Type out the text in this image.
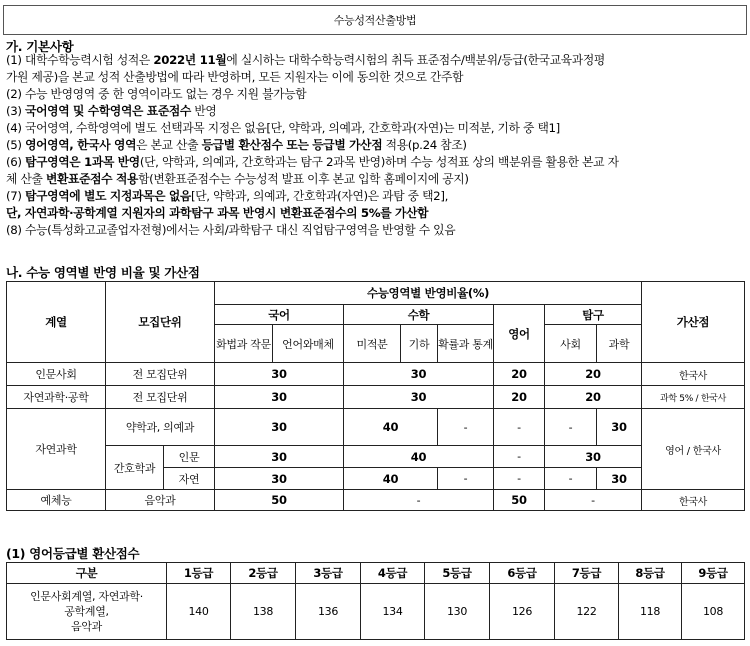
수능성적산출방법
가. 기본사항

(1) 대학수학능력시험 성적은 2022년 11월에 실시하는 대학수학능력시험의 취득 표준점수/백분위/등급(한국교육과정평

가원 제공)을 본교 성적 산출방법에 따라 반영하며, 모든 지원자는 이에 동의한 것으로 간주함

(2) 수능 반영영역 중 한 영역이라도 없는 경우 지원 불가능함

(3) 국어영역 및 수학영역은 표준점수 반영

(4) 국어영역, 수학영역에 별도 선택과목 지정은 없음[단, 약학과, 의예과, 간호학과(자연)는 미적분, 기하 중 택1]

(5) 영어영역, 한국사 영역은 본교 산출 등급별 환산점수 또는 등급별 가산점 적용(p.24 참조)

(6) 탐구영역은 1과목 반영(단, 약학과, 의예과, 간호학과는 탐구 2과목 반영)하며 수능 성적표 상의 백분위를 활용한 본교 자

체 산출 변환표준점수 적용함(변환표준점수는 수능성적 발표 이후 본교 입학 홈페이지에 공지)

(7) 탐구영역에 별도 지정과목은 없음[단, 약학과, 의예과, 간호학과(자연)은 과탐 중 택2],

단, 자연과학·공학계열 지원자의 과학탐구 과목 반영시 변환표준점수의 5%를 가산함

(8) 수능(특성화고교졸업자전형)에서는 사회/과학탐구 대신 직업탐구영역을 반영할 수 있음

나. 수능 영역별 반영 비율 및 가산점
계열	모집단위		수능영역별 반영비율(%)								가산점
			국어		수학			영어	탐구		
			화법과 작문	언어와매체	미적분	기하	확률과 통계		사회	과학	
인문사회	전 모집단위		30		30			20	20		한국사
자연과학·공학	전 모집단위		30		30			20	20		과학 5% / 한국사
자연과학	약학과, 의예과		30		40		-	-	-	30	영어 / 한국사
	간호학과	인문	30		40			-	30		
		자연	30		40		-	-	-	30	
예체능	음악과		50		-			50	-		한국사
(1) 영어등급별 환산점수
구분	1등급	2등급	3등급	4등급	5등급	6등급	7등급	8등급	9등급

인문사회계열, 자연과학·
공학계열,
음악과	140	138	136	134	130	126	122	118	108
